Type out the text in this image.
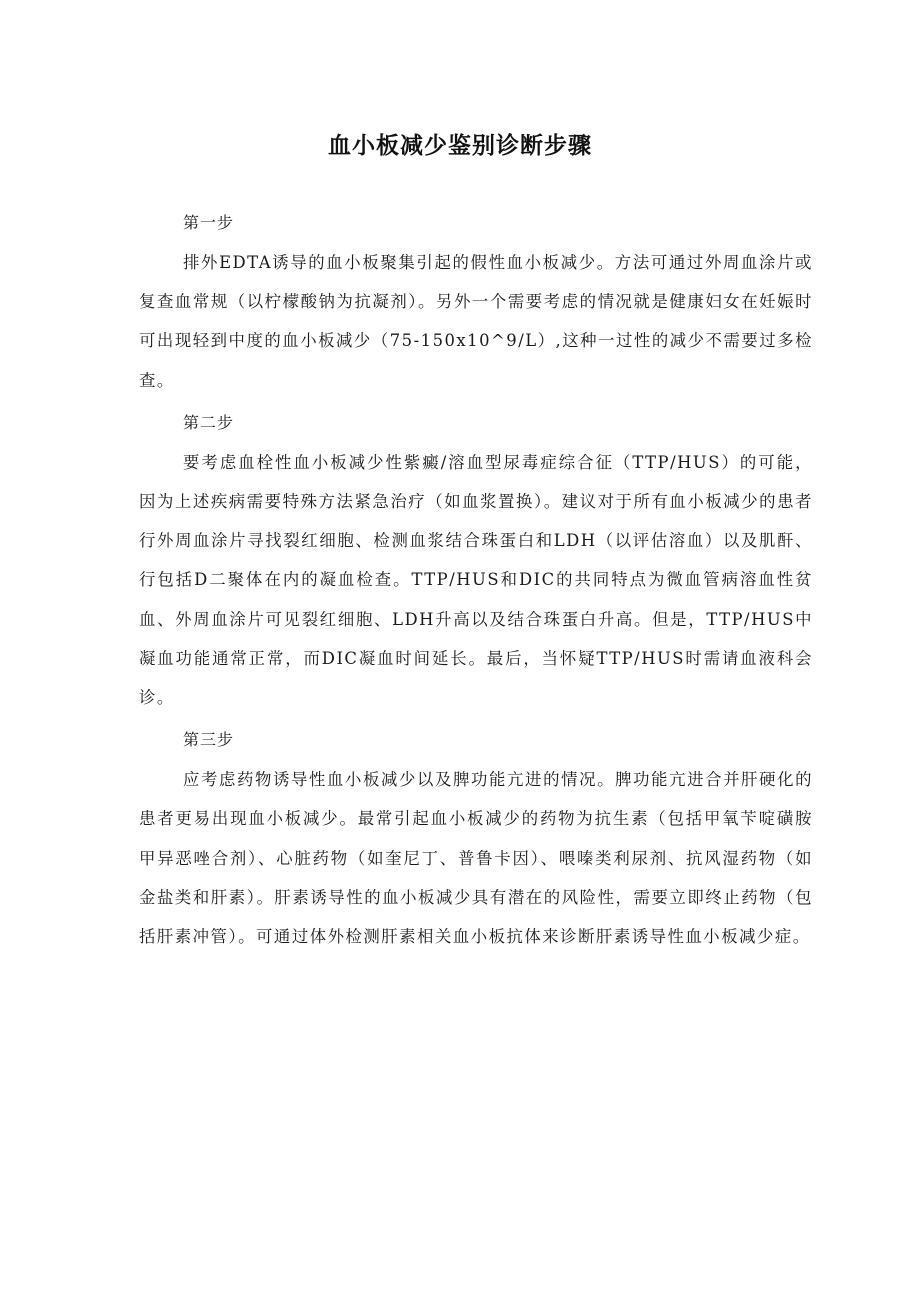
血小板减少鉴别诊断步骤

第一步

排外EDTA诱导的血小板聚集引起的假性血小板减少。方法可通过外周血涂片或复查血常规（以柠檬酸钠为抗凝剂）。另外一个需要考虑的情况就是健康妇女在妊娠时可出现轻到中度的血小板减少（75-150x10^9/L）,这种一过性的减少不需要过多检查。

第二步

要考虑血栓性血小板减少性紫癜/溶血型尿毒症综合征（TTP/HUS）的可能，因为上述疾病需要特殊方法紧急治疗（如血浆置换）。建议对于所有血小板减少的患者行外周血涂片寻找裂红细胞、检测血浆结合珠蛋白和LDH（以评估溶血）以及肌酐、行包括D二聚体在内的凝血检查。TTP/HUS和DIC的共同特点为微血管病溶血性贫血、外周血涂片可见裂红细胞、LDH升高以及结合珠蛋白升高。但是，TTP/HUS中凝血功能通常正常，而DIC凝血时间延长。最后，当怀疑TTP/HUS时需请血液科会诊。

第三步

应考虑药物诱导性血小板减少以及脾功能亢进的情况。脾功能亢进合并肝硬化的患者更易出现血小板减少。最常引起血小板减少的药物为抗生素（包括甲氧苄啶磺胺甲异恶唑合剂）、心脏药物（如奎尼丁、普鲁卡因）、喂嗪类利尿剂、抗风湿药物（如金盐类和肝素）。肝素诱导性的血小板减少具有潜在的风险性，需要立即终止药物（包括肝素冲管）。可通过体外检测肝素相关血小板抗体来诊断肝素诱导性血小板减少症。
